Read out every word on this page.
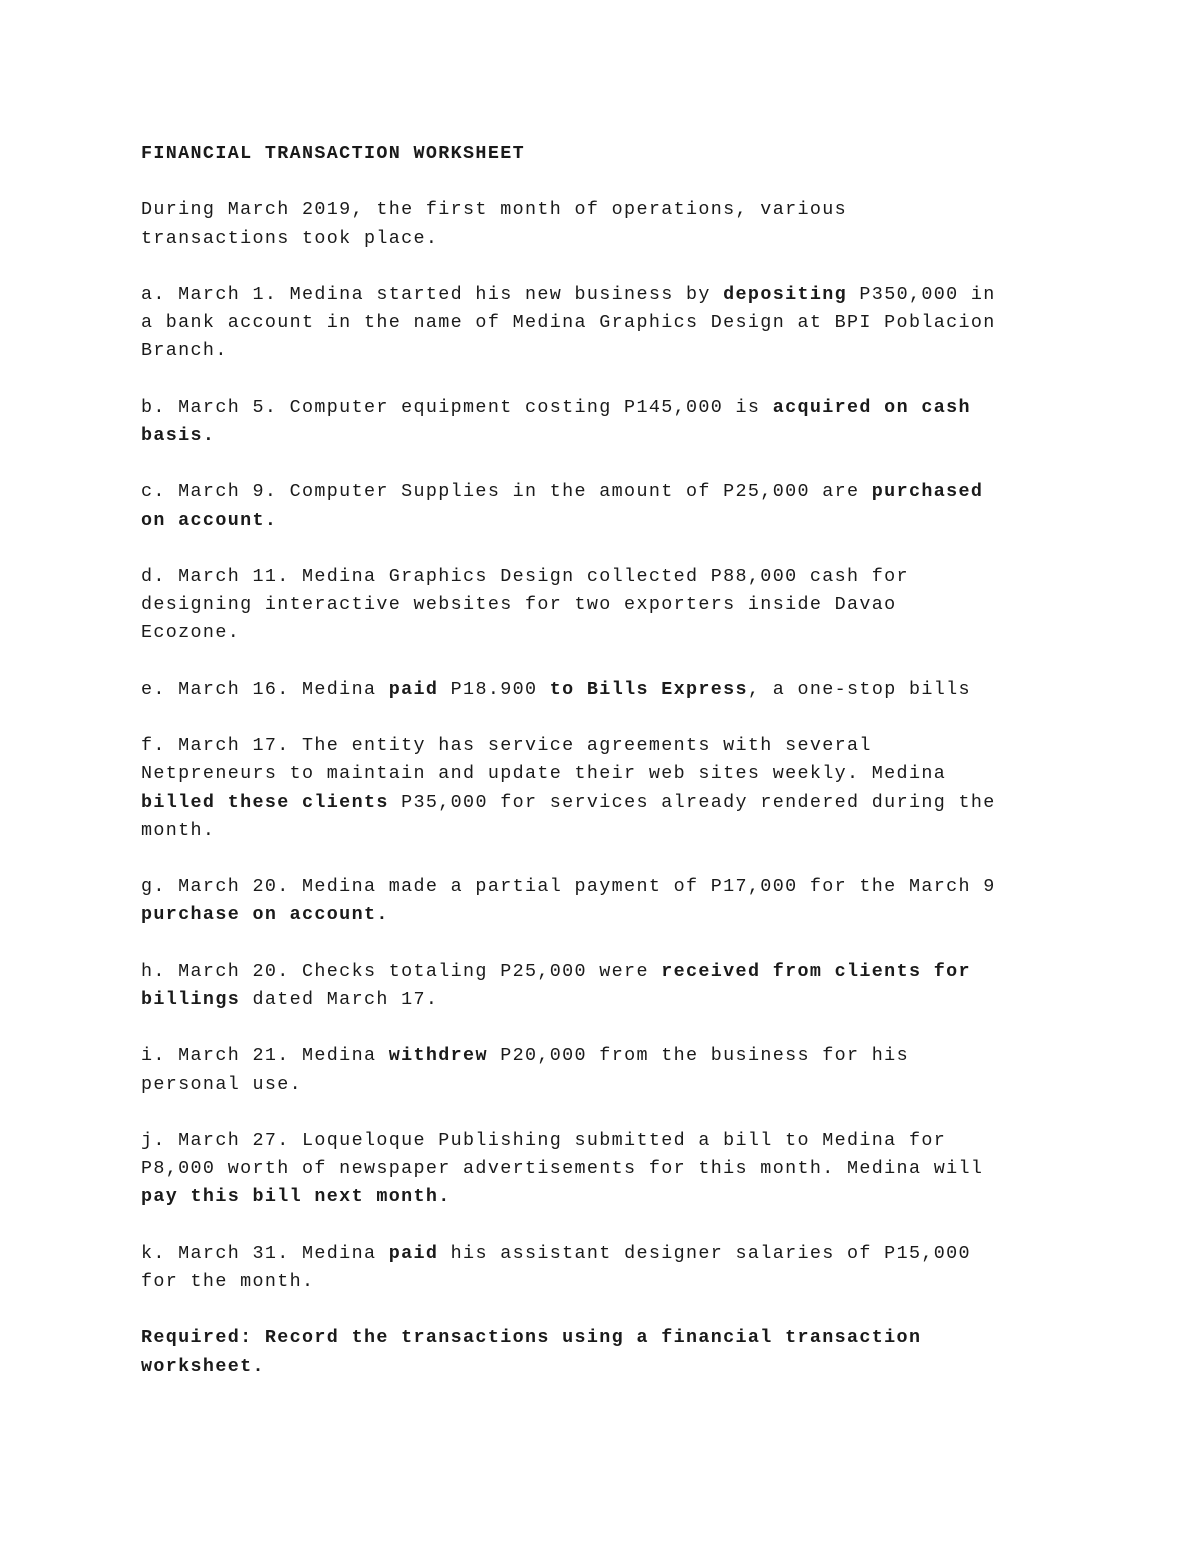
FINANCIAL TRANSACTION WORKSHEET
During March 2019, the first month of operations, various
transactions took place.
a. March 1. Medina started his new business by depositing P350,000 in
a bank account in the name of Medina Graphics Design at BPI Poblacion
Branch.
b. March 5. Computer equipment costing P145,000 is acquired on cash
basis.
c. March 9. Computer Supplies in the amount of P25,000 are purchased
on account.
d. March 11. Medina Graphics Design collected P88,000 cash for
designing interactive websites for two exporters inside Davao
Ecozone.
e. March 16. Medina paid P18.900 to Bills Express, a one-stop bills
f. March 17. The entity has service agreements with several
Netpreneurs to maintain and update their web sites weekly. Medina
billed these clients P35,000 for services already rendered during the
month.
g. March 20. Medina made a partial payment of P17,000 for the March 9
purchase on account.
h. March 20. Checks totaling P25,000 were received from clients for
billings dated March 17.
i. March 21. Medina withdrew P20,000 from the business for his
personal use.
j. March 27. Loqueloque Publishing submitted a bill to Medina for
P8,000 worth of newspaper advertisements for this month. Medina will
pay this bill next month.
k. March 31. Medina paid his assistant designer salaries of P15,000
for the month.
Required: Record the transactions using a financial transaction
worksheet.
